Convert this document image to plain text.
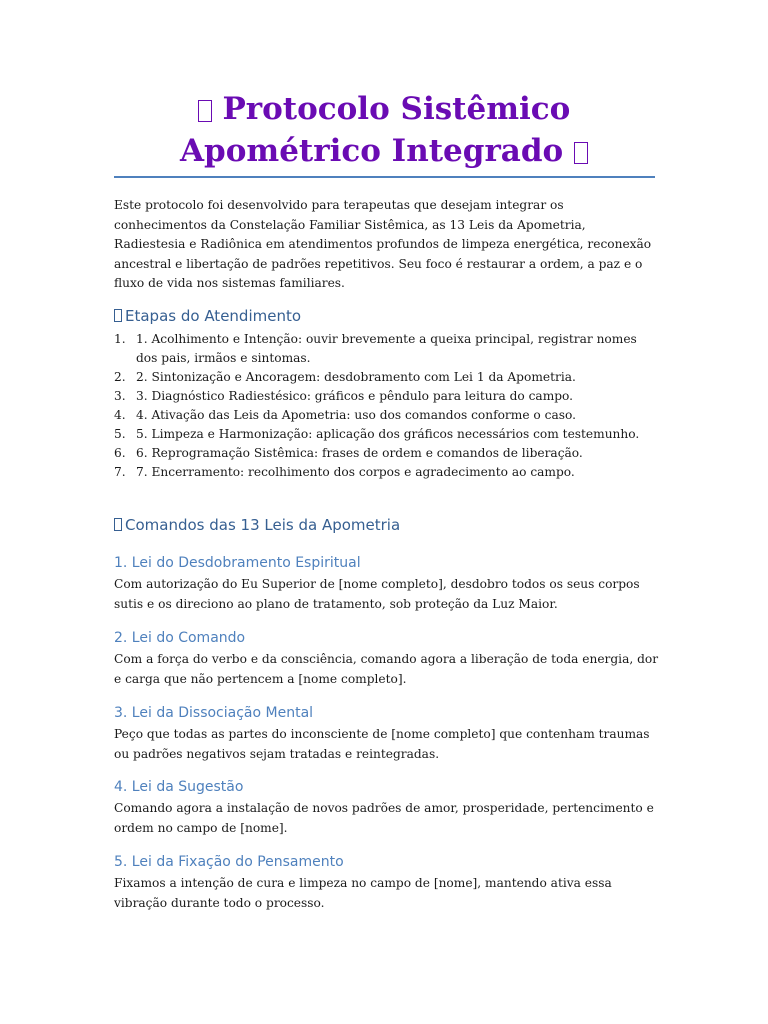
Protocolo Sistêmico
Apométrico Integrado

Este protocolo foi desenvolvido para terapeutas que desejam integrar os conhecimentos da Constelação Familiar Sistêmica, as 13 Leis da Apometria, Radiestesia e Radiônica em atendimentos profundos de limpeza energética, reconexão ancestral e libertação de padrões repetitivos. Seu foco é restaurar a ordem, a paz e o fluxo de vida nos sistemas familiares.

Etapas do Atendimento
1. 1. Acolhimento e Intenção: ouvir brevemente a queixa principal, registrar nomes dos pais, irmãos e sintomas.
2. 2. Sintonização e Ancoragem: desdobramento com Lei 1 da Apometria.
3. 3. Diagnóstico Radiestésico: gráficos e pêndulo para leitura do campo.
4. 4. Ativação das Leis da Apometria: uso dos comandos conforme o caso.
5. 5. Limpeza e Harmonização: aplicação dos gráficos necessários com testemunho.
6. 6. Reprogramação Sistêmica: frases de ordem e comandos de liberação.
7. 7. Encerramento: recolhimento dos corpos e agradecimento ao campo.
Comandos das 13 Leis da Apometria
1. Lei do Desdobramento Espiritual

Com autorização do Eu Superior de [nome completo], desdobro todos os seus corpos sutis e os direciono ao plano de tratamento, sob proteção da Luz Maior.

2. Lei do Comando

Com a força do verbo e da consciência, comando agora a liberação de toda energia, dor e carga que não pertencem a [nome completo].

3. Lei da Dissociação Mental

Peço que todas as partes do inconsciente de [nome completo] que contenham traumas ou padrões negativos sejam tratadas e reintegradas.

4. Lei da Sugestão

Comando agora a instalação de novos padrões de amor, prosperidade, pertencimento e ordem no campo de [nome].

5. Lei da Fixação do Pensamento

Fixamos a intenção de cura e limpeza no campo de [nome], mantendo ativa essa vibração durante todo o processo.
